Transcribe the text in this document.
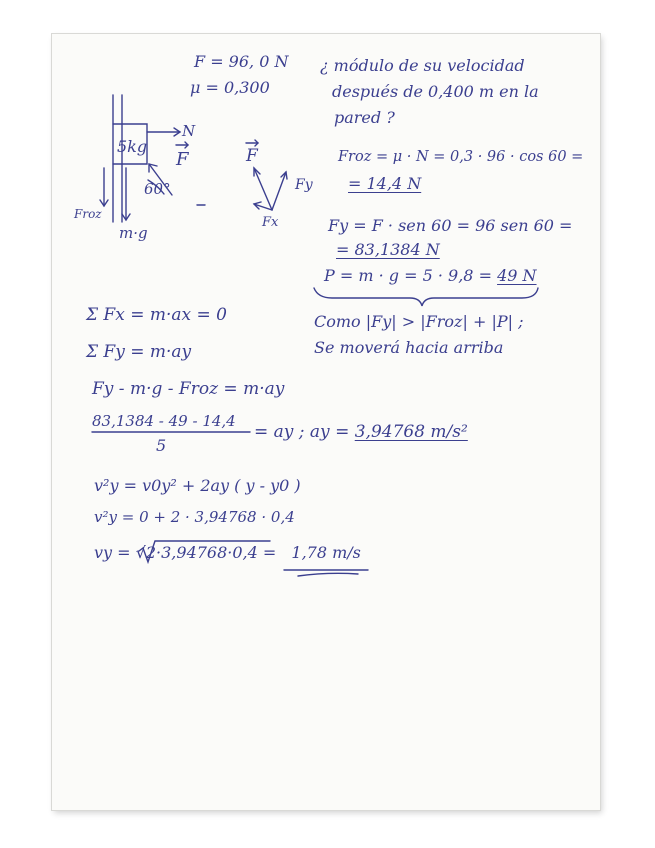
F = 96, 0 N
μ = 0,300
¿ módulo de su velocidad
después de 0,400 m en la
pared ?
5kg
N
F
60°
Froz
m·g
F
Fy
Fx
Froz = μ · N = 0,3 · 96 · cos 60 =
= 14,4 N
Fy = F · sen 60 = 96 sen 60 =
= 83,1384 N
P = m · g = 5 · 9,8 = 49 N
Como |Fy| > |Froz| + |P| ;
Se moverá hacia arriba
Σ Fx = m·ax = 0
Σ Fy = m·ay
Fy - m·g - Froz = m·ay
83,1384 - 49 - 14,4
5
= ay ; ay = 3,94768 m/s²
v²y = v0y² + 2ay ( y - y0 )
v²y = 0 + 2 · 3,94768 · 0,4
vy = √2·3,94768·0,4 = 1,78 m/s
